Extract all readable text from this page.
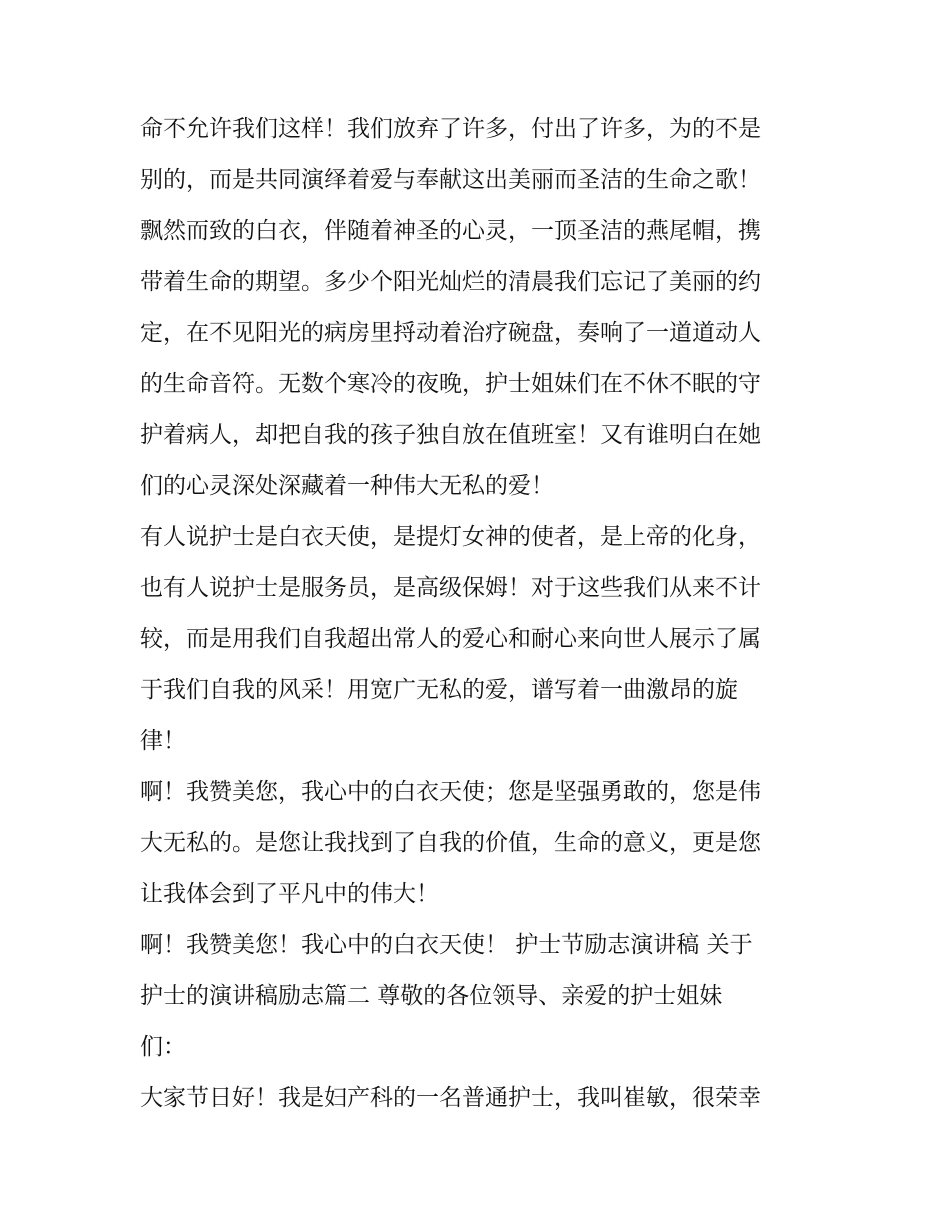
命不允许我们这样！我们放弃了许多，付出了许多，为的不是
别的，而是共同演绎着爱与奉献这出美丽而圣洁的生命之歌！
飘然而致的白衣，伴随着神圣的心灵，一顶圣洁的燕尾帽，携
带着生命的期望。多少个阳光灿烂的清晨我们忘记了美丽的约
定，在不见阳光的病房里捋动着治疗碗盘，奏响了一道道动人
的生命音符。无数个寒冷的夜晚，护士姐妹们在不休不眠的守
护着病人，却把自我的孩子独自放在值班室！又有谁明白在她
们的心灵深处深藏着一种伟大无私的爱！
有人说护士是白衣天使，是提灯女神的使者，是上帝的化身，
也有人说护士是服务员，是高级保姆！对于这些我们从来不计
较，而是用我们自我超出常人的爱心和耐心来向世人展示了属
于我们自我的风采！用宽广无私的爱，谱写着一曲激昂的旋
律！
啊！我赞美您，我心中的白衣天使；您是坚强勇敢的，您是伟
大无私的。是您让我找到了自我的价值，生命的意义，更是您
让我体会到了平凡中的伟大！
啊！我赞美您！我心中的白衣天使！ 护士节励志演讲稿 关于
护士的演讲稿励志篇二 尊敬的各位领导、亲爱的护士姐妹
们：
大家节日好！我是妇产科的一名普通护士，我叫崔敏，很荣幸
